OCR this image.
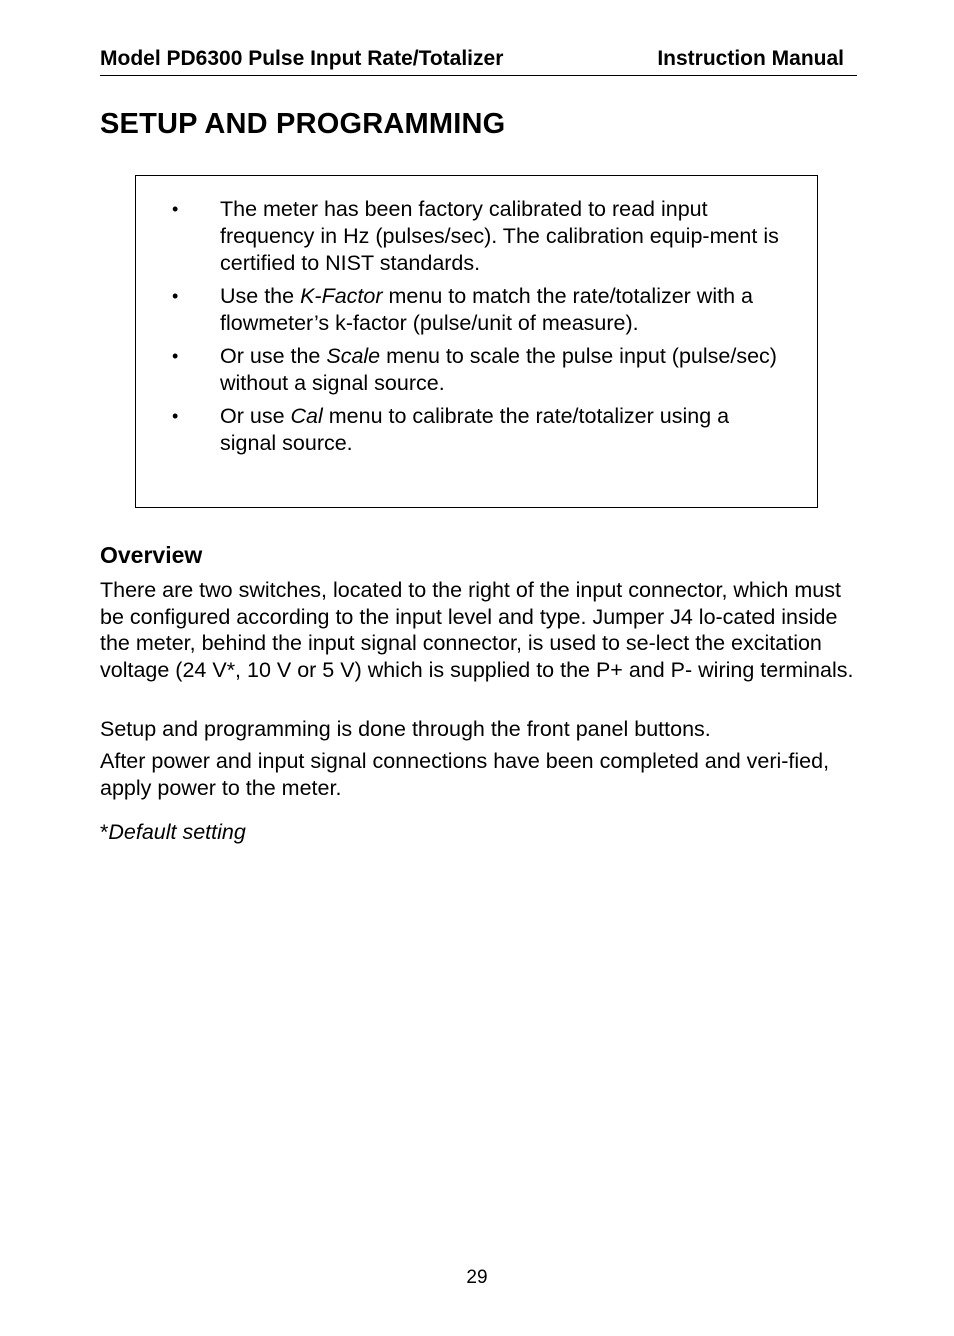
Model PD6300 Pulse Input Rate/Totalizer	Instruction Manual
SETUP AND PROGRAMMING
• The meter has been factory calibrated to read input frequency in Hz (pulses/sec). The calibration equip-ment is certified to NIST standards.
• Use the K-Factor menu to match the rate/totalizer with a flowmeter’s k-factor (pulse/unit of measure).
• Or use the Scale menu to scale the pulse input (pulse/sec) without a signal source.
• Or use Cal menu to calibrate the rate/totalizer using a signal source.
Overview

There are two switches, located to the right of the input connector, which must be configured according to the input level and type. Jumper J4 lo-cated inside the meter, behind the input signal connector, is used to se-lect the excitation voltage (24 V*, 10 V or 5 V) which is supplied to the P+ and P- wiring terminals.

Setup and programming is done through the front panel buttons.

After power and input signal connections have been completed and veri-fied, apply power to the meter.

*Default setting

29
